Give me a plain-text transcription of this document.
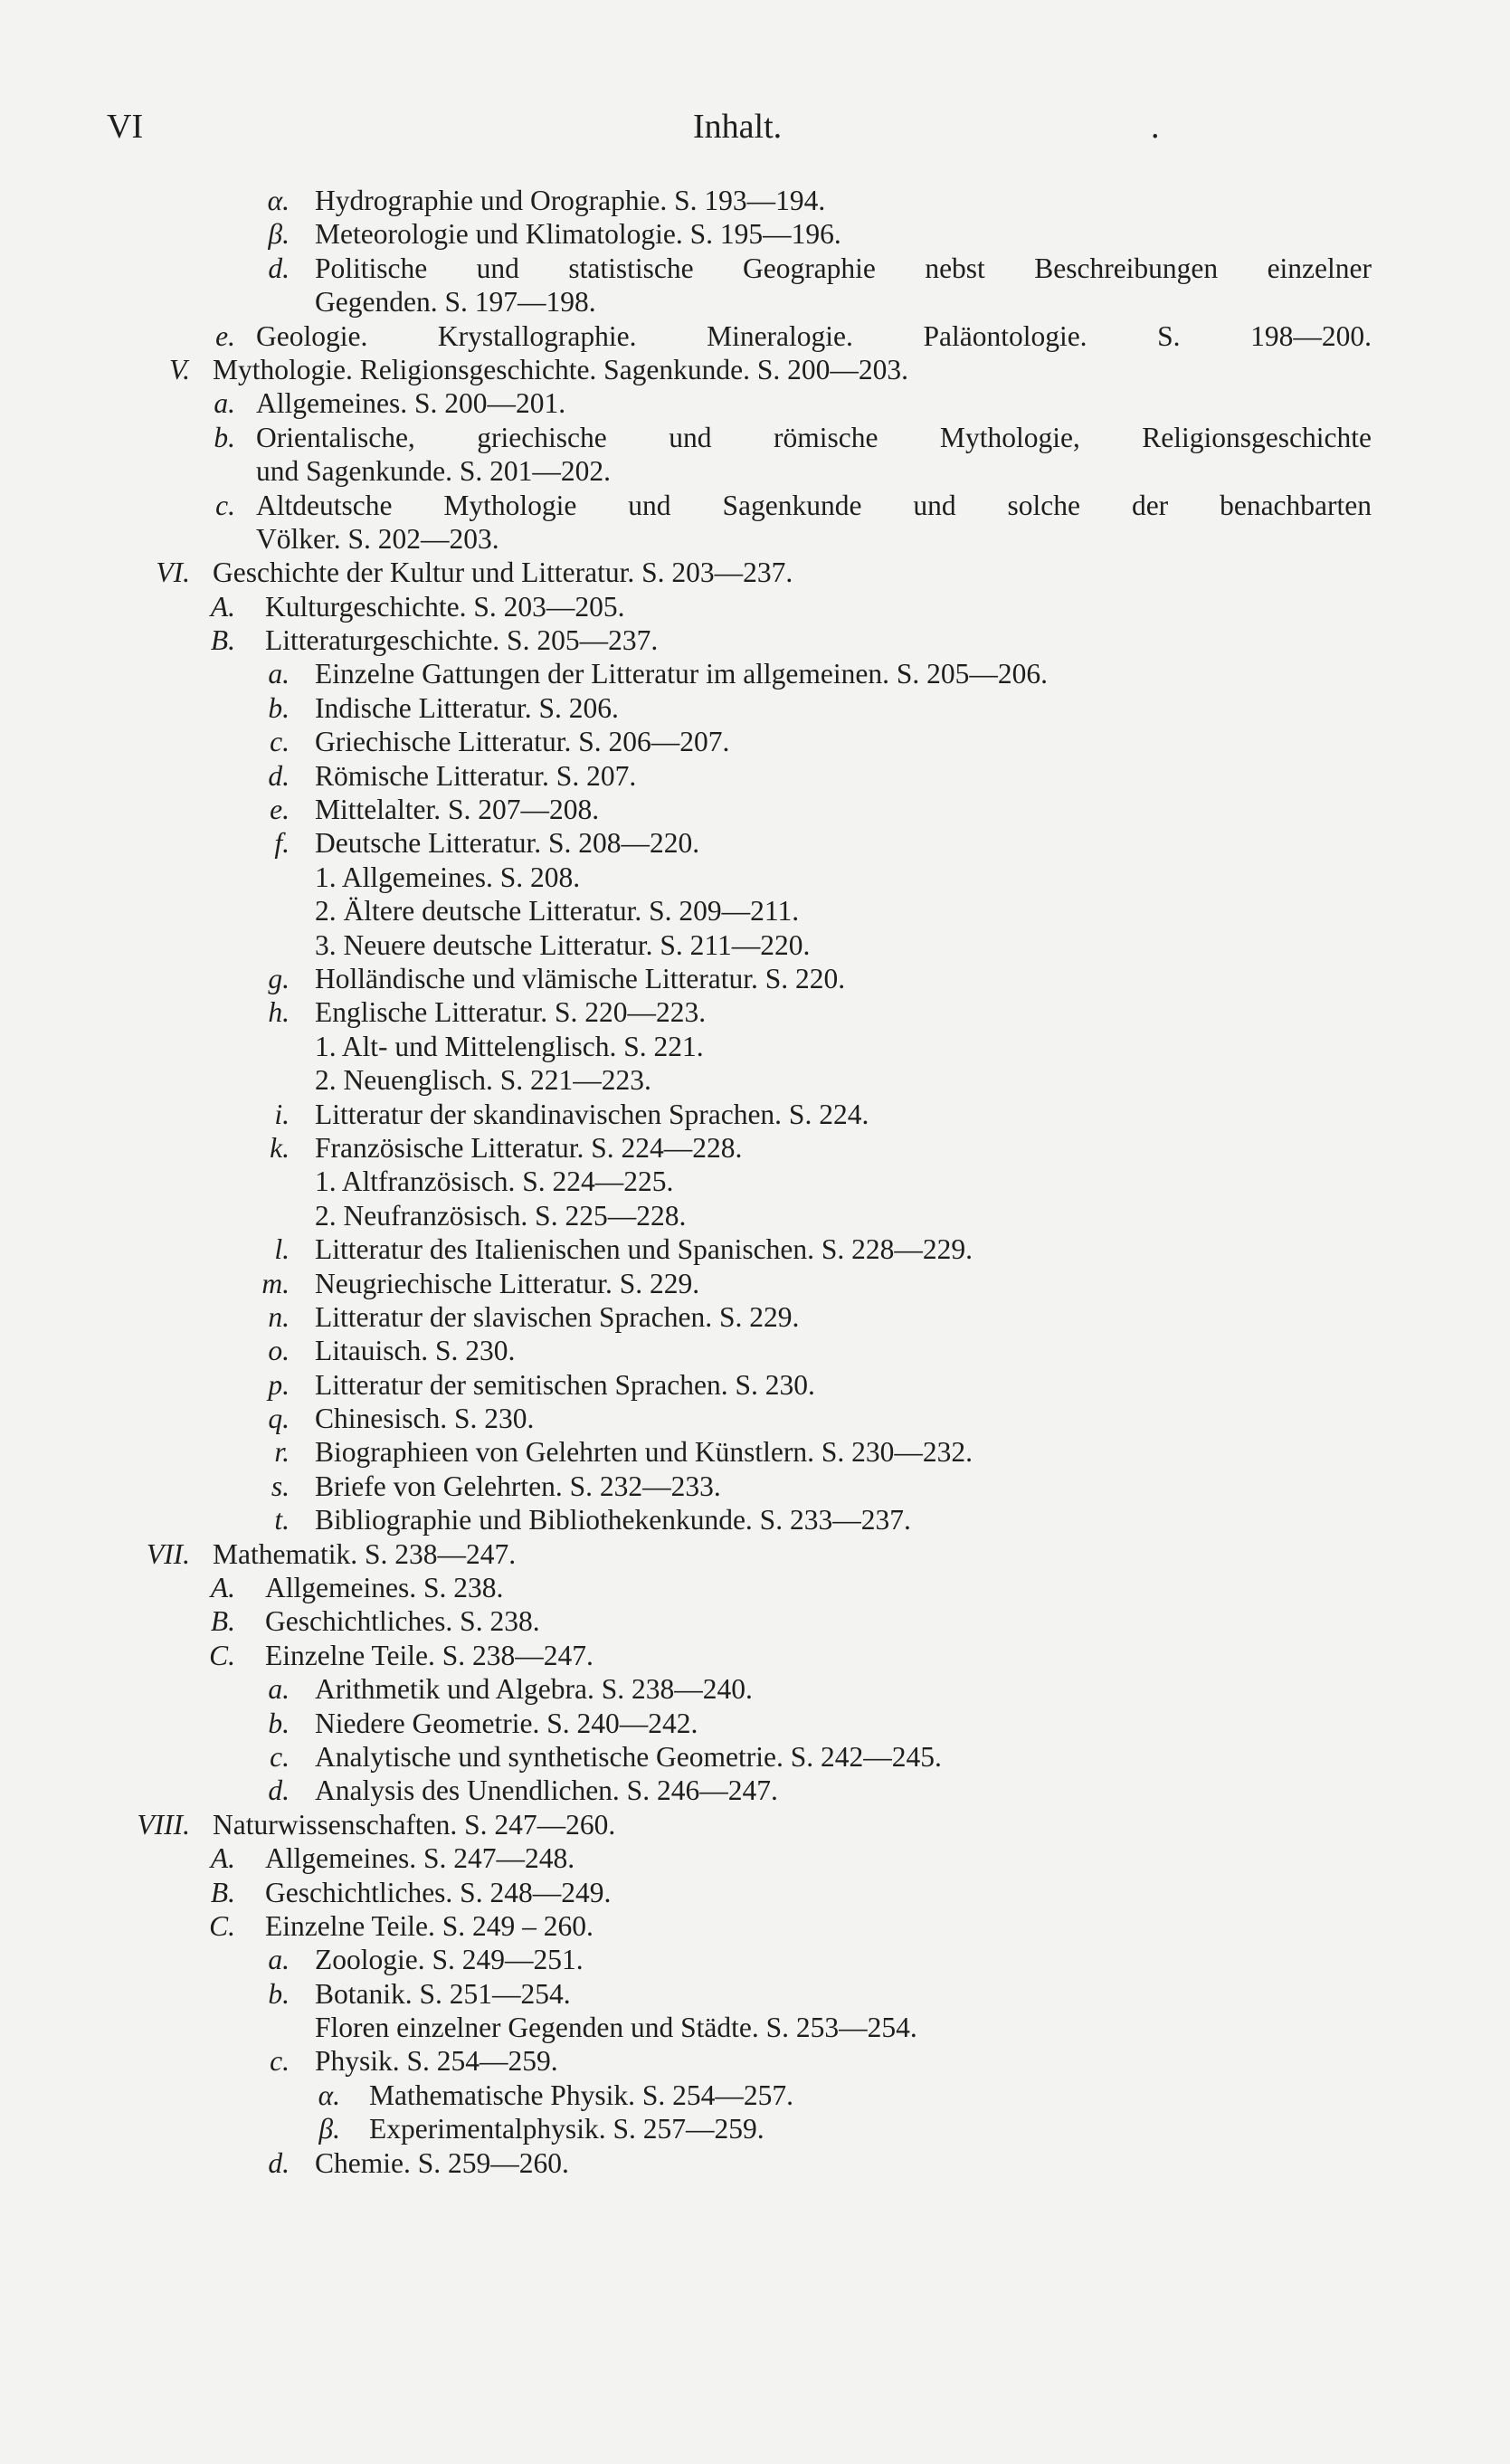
VI	Inhalt.	.
α. Hydrographie und Orographie. S. 193—194.
β. Meteorologie und Klimatologie. S. 195—196.
d. Politische und statistische Geographie nebst Beschreibungen einzelner
Gegenden. S. 197—198.
e. Geologie. Krystallographie. Mineralogie. Paläontologie. S. 198—200.
V. Mythologie. Religionsgeschichte. Sagenkunde. S. 200—203.
a. Allgemeines. S. 200—201.
b. Orientalische, griechische und römische Mythologie, Religionsgeschichte
und Sagenkunde. S. 201—202.
c. Altdeutsche Mythologie und Sagenkunde und solche der benachbarten
Völker. S. 202—203.
VI. Geschichte der Kultur und Litteratur. S. 203—237.
A. Kulturgeschichte. S. 203—205.
B. Litteraturgeschichte. S. 205—237.
a. Einzelne Gattungen der Litteratur im allgemeinen. S. 205—206.
b. Indische Litteratur. S. 206.
c. Griechische Litteratur. S. 206—207.
d. Römische Litteratur. S. 207.
e. Mittelalter. S. 207—208.
f. Deutsche Litteratur. S. 208—220.
1. Allgemeines. S. 208.
2. Ältere deutsche Litteratur. S. 209—211.
3. Neuere deutsche Litteratur. S. 211—220.
g. Holländische und vlämische Litteratur. S. 220.
h. Englische Litteratur. S. 220—223.
1. Alt- und Mittelenglisch. S. 221.
2. Neuenglisch. S. 221—223.
i. Litteratur der skandinavischen Sprachen. S. 224.
k. Französische Litteratur. S. 224—228.
1. Altfranzösisch. S. 224—225.
2. Neufranzösisch. S. 225—228.
l. Litteratur des Italienischen und Spanischen. S. 228—229.
m. Neugriechische Litteratur. S. 229.
n. Litteratur der slavischen Sprachen. S. 229.
o. Litauisch. S. 230.
p. Litteratur der semitischen Sprachen. S. 230.
q. Chinesisch. S. 230.
r. Biographieen von Gelehrten und Künstlern. S. 230—232.
s. Briefe von Gelehrten. S. 232—233.
t. Bibliographie und Bibliothekenkunde. S. 233—237.
VII. Mathematik. S. 238—247.
A. Allgemeines. S. 238.
B. Geschichtliches. S. 238.
C. Einzelne Teile. S. 238—247.
a. Arithmetik und Algebra. S. 238—240.
b. Niedere Geometrie. S. 240—242.
c. Analytische und synthetische Geometrie. S. 242—245.
d. Analysis des Unendlichen. S. 246—247.
VIII. Naturwissenschaften. S. 247—260.
A. Allgemeines. S. 247—248.
B. Geschichtliches. S. 248—249.
C. Einzelne Teile. S. 249 – 260.
a. Zoologie. S. 249—251.
b. Botanik. S. 251—254.
Floren einzelner Gegenden und Städte. S. 253—254.
c. Physik. S. 254—259.
α. Mathematische Physik. S. 254—257.
β. Experimentalphysik. S. 257—259.
d. Chemie. S. 259—260.
